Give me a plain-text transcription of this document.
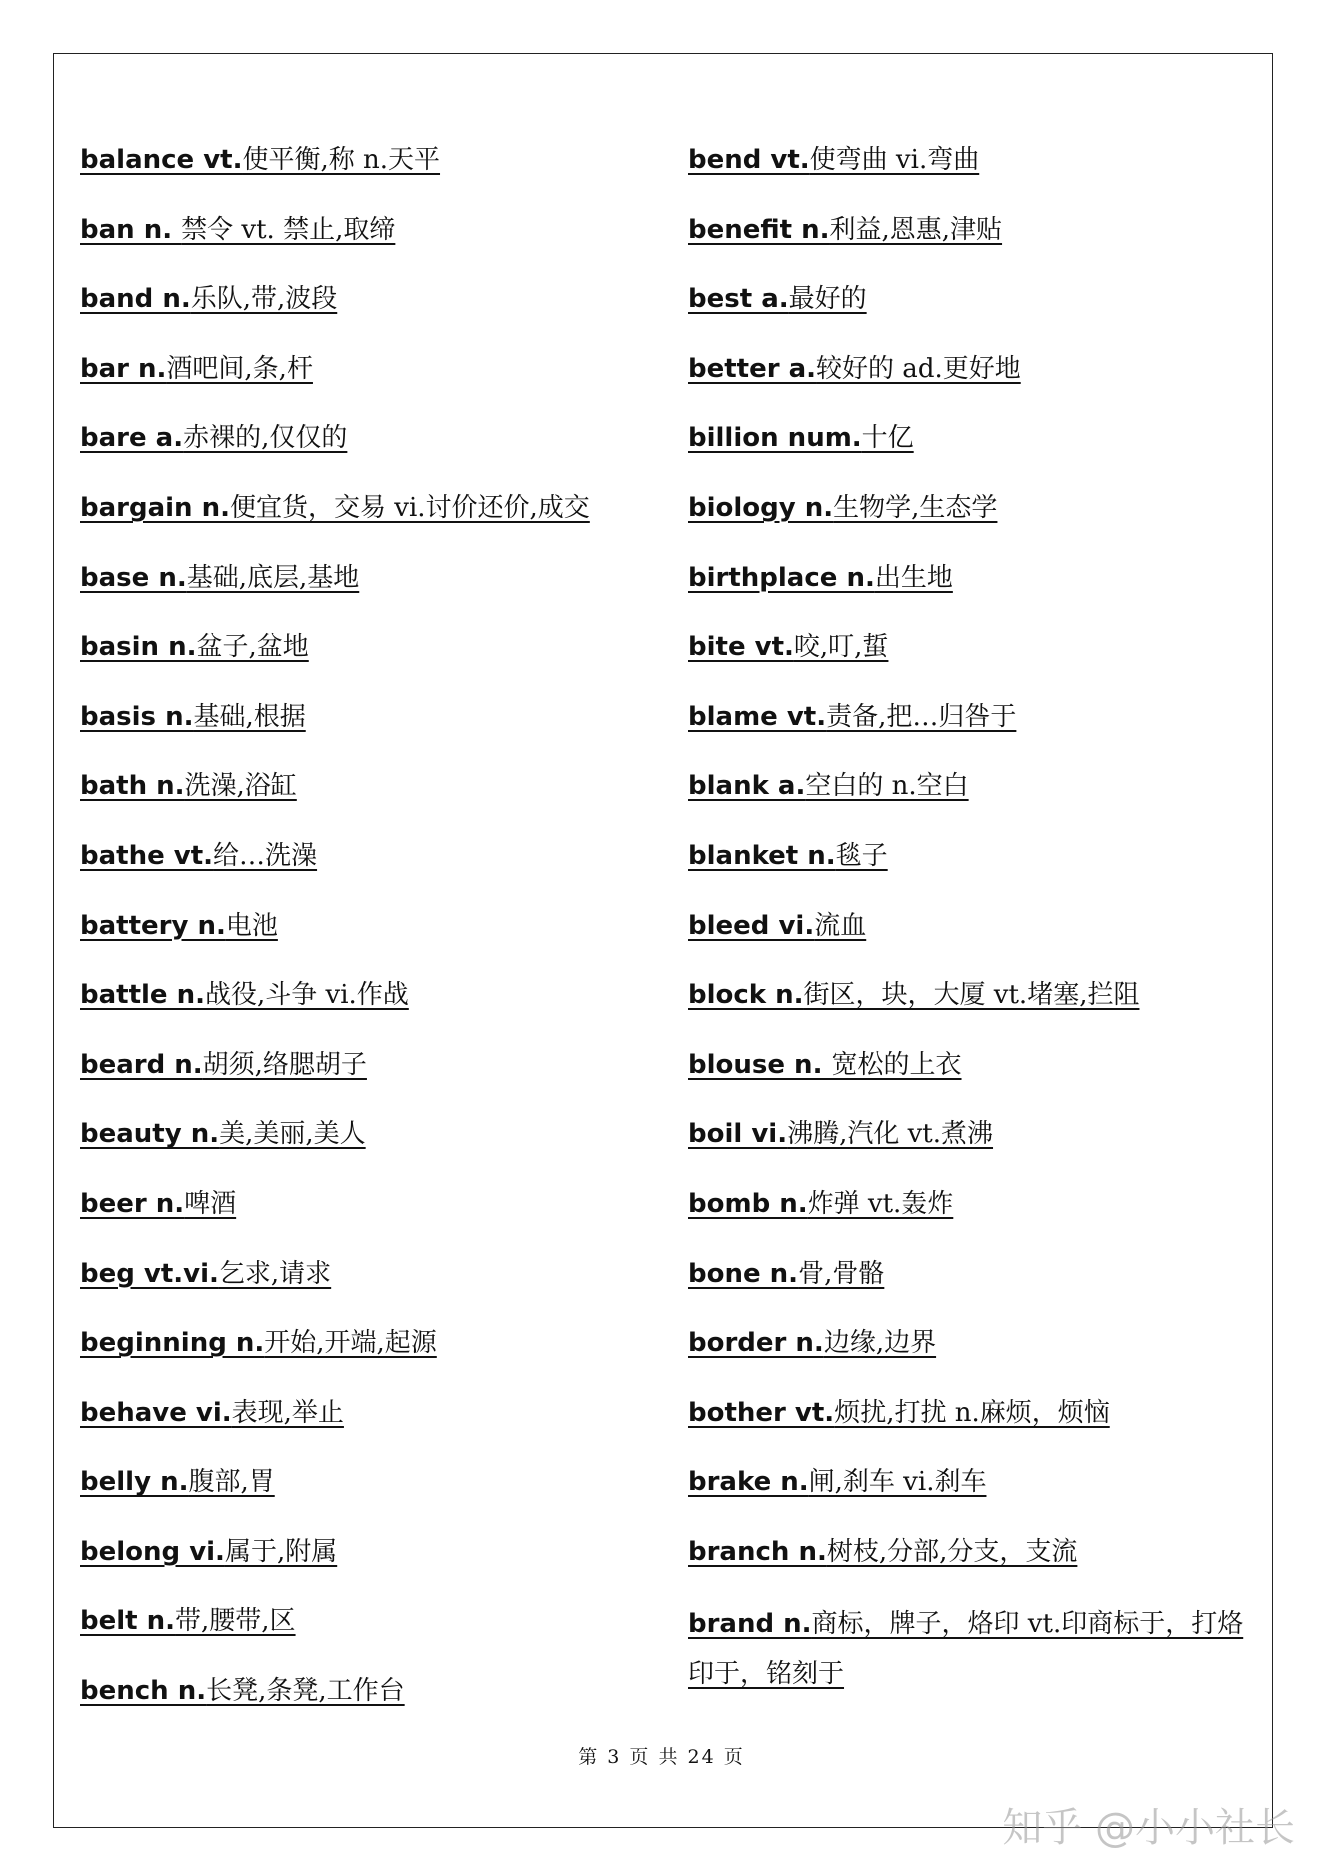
balance vt.使平衡,称 n.天平

ban n. 禁令 vt. 禁止,取缔

band n.乐队,带,波段

bar n.酒吧间,条,杆

bare a.赤裸的,仅仅的

bargain n.便宜货，交易 vi.讨价还价,成交

base n.基础,底层,基地

basin n.盆子,盆地

basis n.基础,根据

bath n.洗澡,浴缸

bathe vt.给…洗澡

battery n.电池

battle n.战役,斗争 vi.作战

beard n.胡须,络腮胡子

beauty n.美,美丽,美人

beer n.啤酒

beg vt.vi.乞求,请求

beginning n.开始,开端,起源

behave vi.表现,举止

belly n.腹部,胃

belong vi.属于,附属

belt n.带,腰带,区

bench n.长凳,条凳,工作台

bend vt.使弯曲 vi.弯曲

benefit n.利益,恩惠,津贴

best a.最好的

better a.较好的 ad.更好地

billion num.十亿

biology n.生物学,生态学

birthplace n.出生地

bite vt.咬,叮,蜇

blame vt.责备,把…归咎于

blank a.空白的 n.空白

blanket n.毯子

bleed vi.流血

block n.街区，块，大厦 vt.堵塞,拦阻

blouse n. 宽松的上衣

boil vi.沸腾,汽化 vt.煮沸

bomb n.炸弹 vt.轰炸

bone n.骨,骨骼

border n.边缘,边界

bother vt.烦扰,打扰 n.麻烦，烦恼

brake n.闸,刹车 vi.刹车

branch n.树枝,分部,分支，支流

brand n.商标，牌子，烙印 vt.印商标于，打烙印于，铭刻于

第 3 页 共 24 页
知乎 @小小社长
